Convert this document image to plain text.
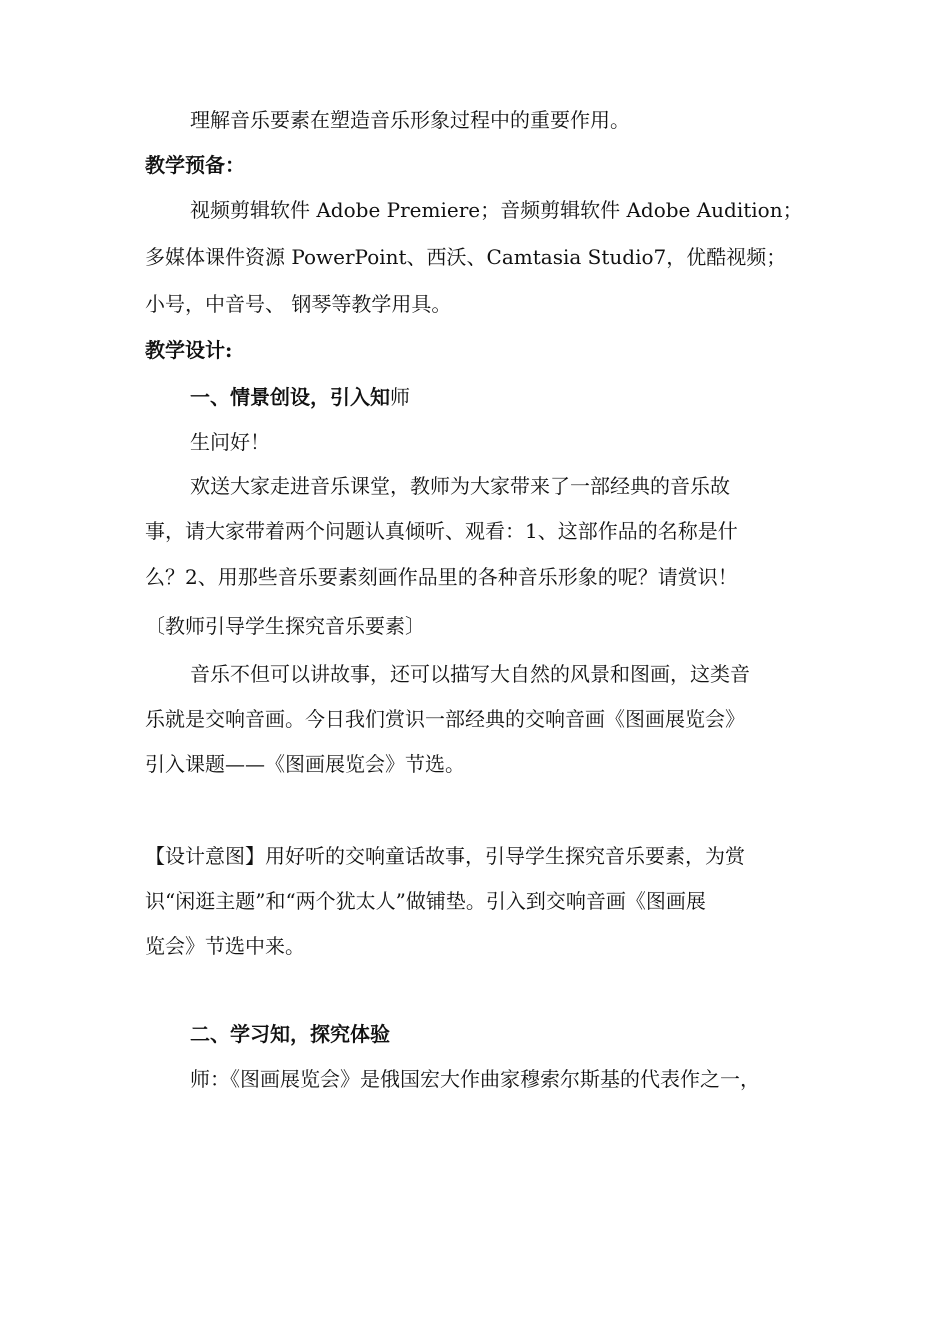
理解音乐要素在塑造音乐形象过程中的重要作用。
教学预备：
视频剪辑软件 Adobe Premiere；音频剪辑软件 Adobe Audition；
多媒体课件资源 PowerPoint、西沃、Camtasia Studio7，优酷视频；
小号，中音号、 钢琴等教学用具。
教学设计:
一、情景创设，引入知师
生问好！
欢送大家走进音乐课堂，教师为大家带来了一部经典的音乐故
事，请大家带着两个问题认真倾听、观看：1、这部作品的名称是什
么？2、用那些音乐要素刻画作品里的各种音乐形象的呢？请赏识！
〔教师引导学生探究音乐要素〕
音乐不但可以讲故事，还可以描写大自然的风景和图画，这类音
乐就是交响音画。今日我们赏识一部经典的交响音画《图画展览会》
引入课题——《图画展览会》节选。
【设计意图】用好听的交响童话故事，引导学生探究音乐要素，为赏
识“闲逛主题”和“两个犹太人”做铺垫。引入到交响音画《图画展
览会》节选中来。
二、学习知，探究体验
师：《图画展览会》是俄国宏大作曲家穆索尔斯基的代表作之一，
